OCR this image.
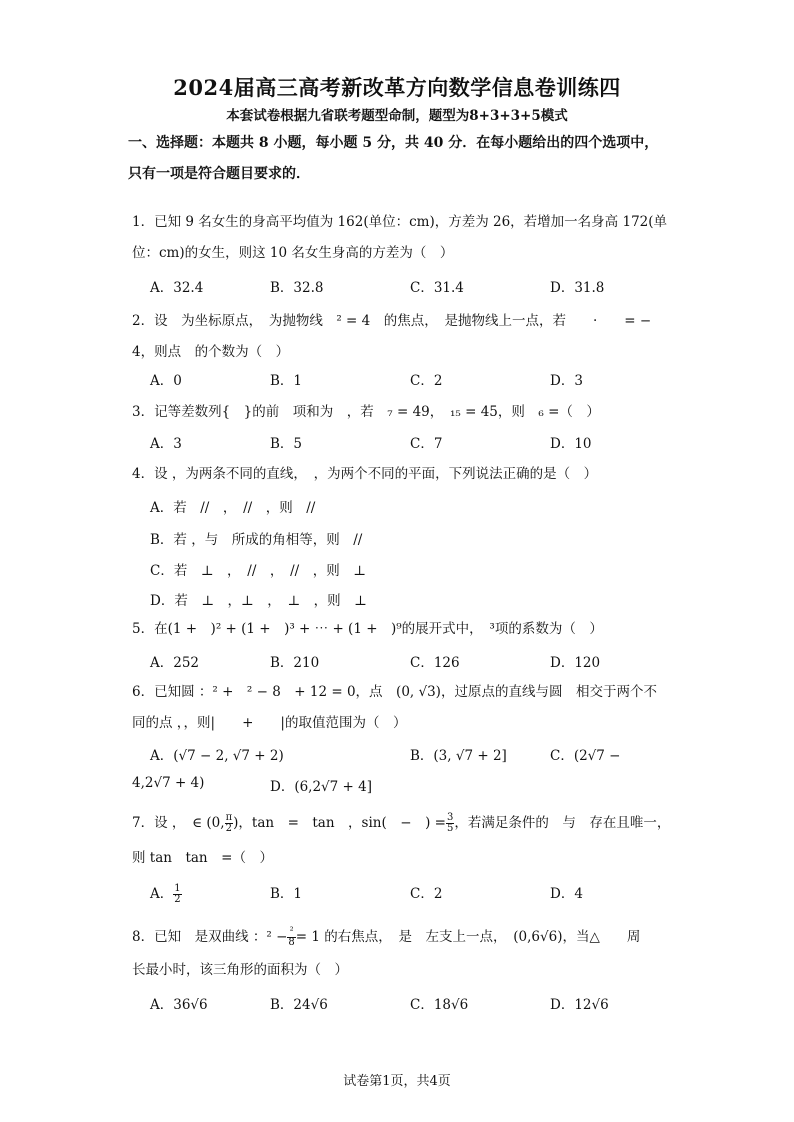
2024届高三高考新改革方向数学信息卷训练四
本套试卷根据九省联考题型命制，题型为8+3+3+5模式
一、选择题：本题共 8 小题，每小题 5 分，共 40 分．在每小题给出的四个选项中，只有一项是符合题目要求的．
1．已知 9 名女生的身高平均值为 162(单位：cm)，方差为 26，若增加一名身高 172(单位：cm)的女生，则这 10 名女生身高的方差为（　）
A．32.4	B．32.8	C．31.4	D．31.8
2．设　为坐标原点，　为抛物线　² = 4　的焦点，　是抛物线上一点，若　　·　　= − 4，则点　的个数为（　）
A．0	B．1	C．2	D．3
3．记等差数列{　}的前　项和为　，若　₇ = 49，　₁₅ = 45，则　₆ =（　）
A．3	B．5	C．7	D．10
4．设 ，为两条不同的直线，　，为两个不同的平面，下列说法正确的是（　）
A．若　//　，　//　，则　//
B．若 ，与　所成的角相等，则　//
C．若　⊥　，　//　，　//　，则　⊥
D．若　⊥　，⊥　，　⊥　，则　⊥
5．在(1 +　)² + (1 +　)³ + ⋯ + (1 +　)⁹的展开式中，　³项的系数为（　）
A．252	B．210	C．126	D．120
6．已知圆 ：² +　² − 8　+ 12 = 0，点　(0, √3)，过原点的直线与圆　相交于两个不同的点 ，，则|　　+　　|的取值范围为（　）
A．(√7 − 2, √7 + 2)	B．(3, √7 + 2]	C．(2√7 −
4,2√7 + 4)	D．(6,2√7 + 4]
7．设 ，　∈ (0, $\frac{\pi}{2}$ )，tan　=　tan　，sin(　−　) = $\frac{3}{5}$ ，若满足条件的　与　存在且唯一，
则 tan　tan　=（　）
A． $\frac{1}{2}$	B．1	C．2	D．4
8．已知　是双曲线 ：$^2 - \frac{\text{²}}{8} = 1$ 的右焦点，　是　左支上一点，　(0,6√6)，当△　　周
长最小时，该三角形的面积为（　）
A．36√6	B．24√6	C．18√6	D．12√6
试卷第1页，共4页
